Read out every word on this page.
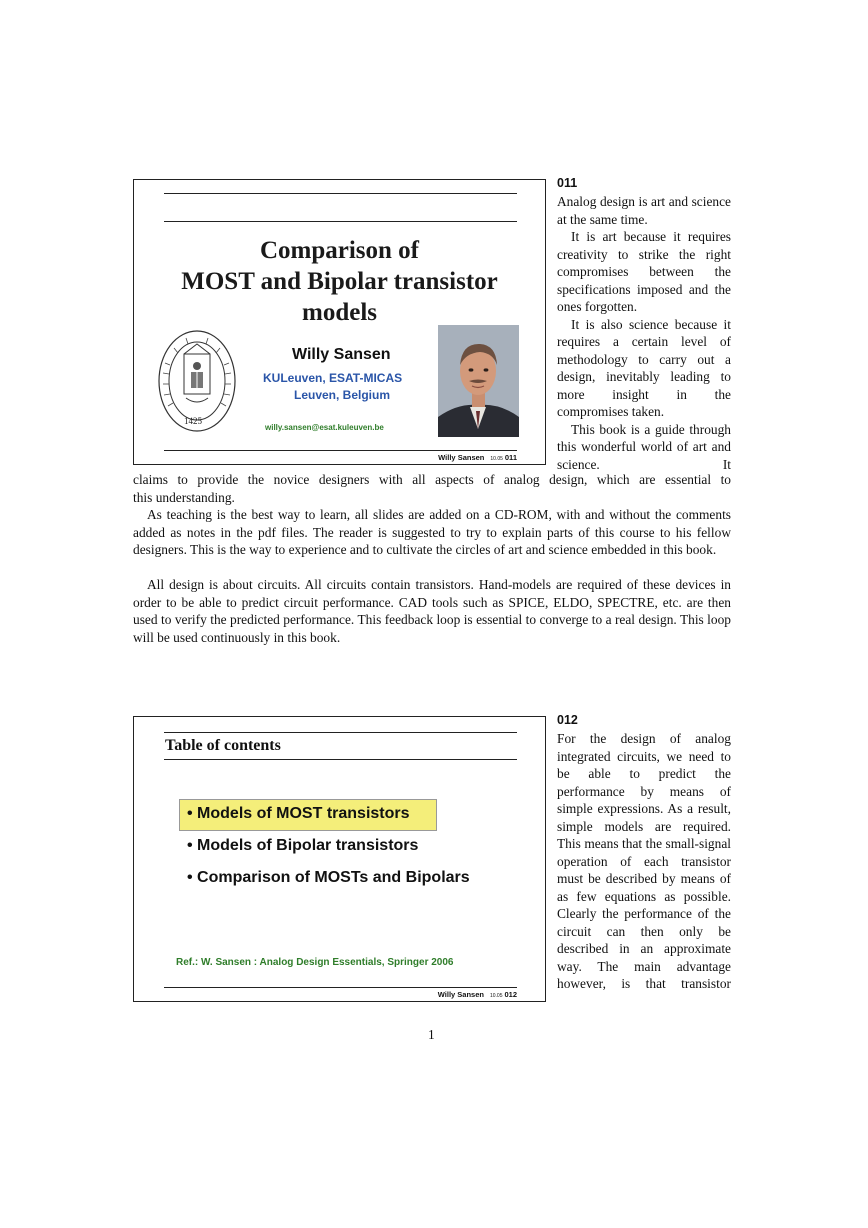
Comparison of
MOST and Bipolar transistor
models
1425
Willy Sansen
KULeuven, ESAT-MICAS
Leuven, Belgium
willy.sansen@esat.kuleuven.be
Willy Sansen 10.05 011
011

Analog design is art and science at the same time.

It is art because it requires creativity to strike the right compromises between the specifications imposed and the ones forgotten.

It is also science because it requires a certain level of methodology to carry out a design, inevitably leading to more insight in the compromises taken.

This book is a guide through this wonderful world of art and science. It

claims to provide the novice designers with all aspects of analog design, which are essential to
this understanding.

As teaching is the best way to learn, all slides are added on a CD-ROM, with and without the comments added as notes in the pdf files. The reader is suggested to try to explain parts of this course to his fellow designers. This is the way to experience and to cultivate the circles of art and science embedded in this book.

All design is about circuits. All circuits contain transistors. Hand-models are required of these devices in order to be able to predict circuit performance. CAD tools such as SPICE, ELDO, SPECTRE, etc. are then used to verify the predicted performance. This feedback loop is essential to converge to a real design. This loop will be used continuously in this book.

Table of contents
• Models of MOST transistors
• Models of Bipolar transistors
• Comparison of MOSTs and Bipolars
Ref.: W. Sansen : Analog Design Essentials, Springer 2006
Willy Sansen 10.05 012
012

For the design of analog integrated circuits, we need to be able to predict the performance by means of simple expressions. As a result, simple models are required. This means that the small-signal operation of each transistor must be described by means of as few equations as possible. Clearly the performance of the circuit can then only be described in an approximate way. The main advantage however, is that transistor

1
